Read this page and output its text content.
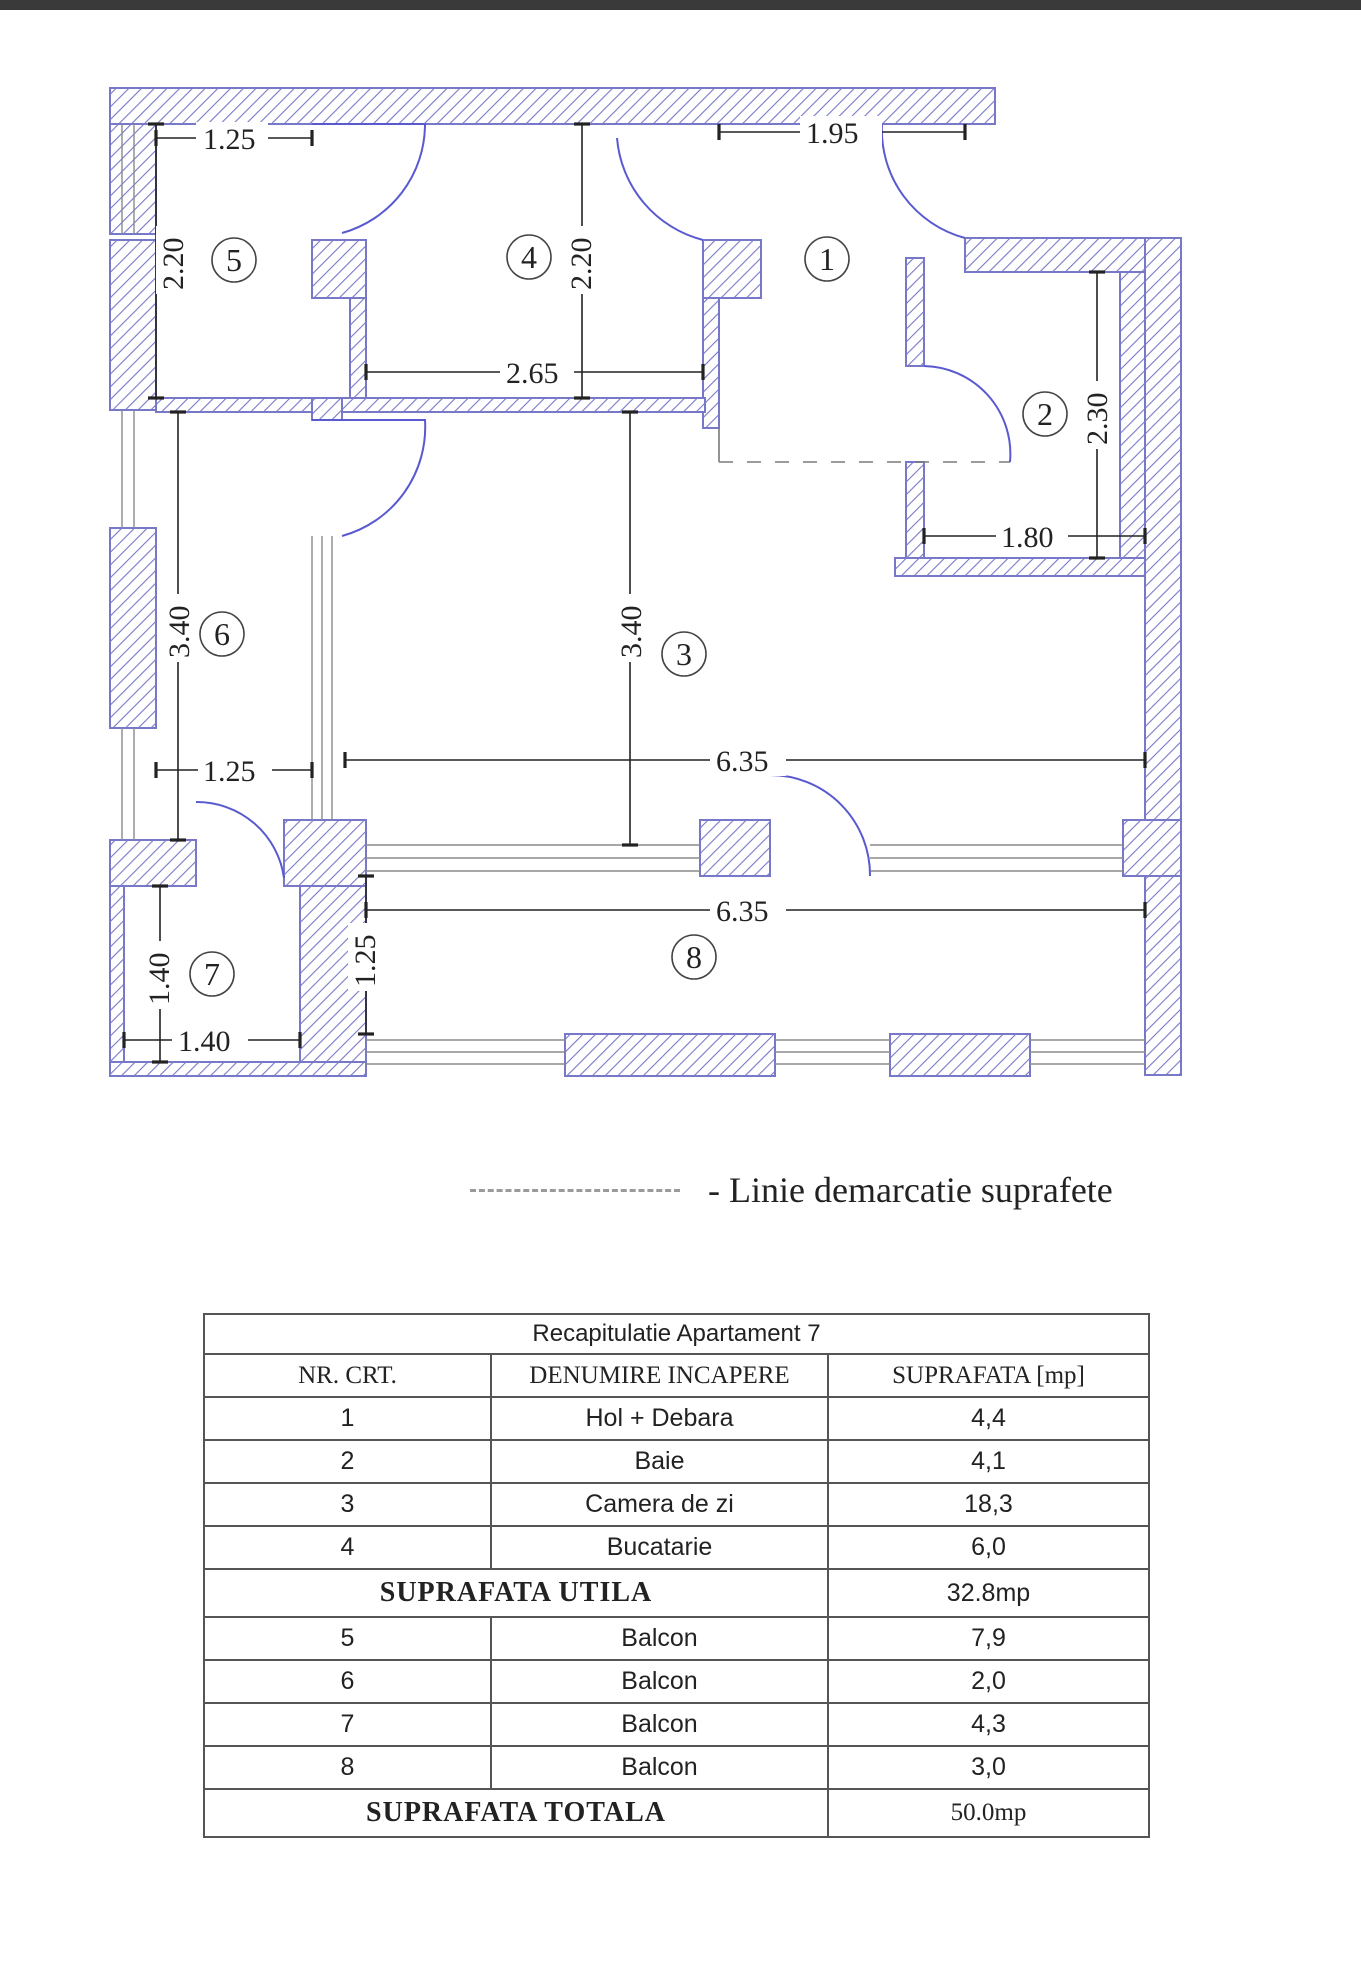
1.25	1.95
2.65
1.80
1.25	6.35
6.35
1.40
2.20	2.20
2.30
3.40	3.40
1.25
1.40
1
2
3
4
5
6
7	8
- Linie demarcatie suprafete
Recapitulatie Apartament 7		
NR. CRT.	DENUMIRE INCAPERE	SUPRAFATA [mp]
1	Hol + Debara	4,4
2	Baie	4,1
3	Camera de zi	18,3
4	Bucatarie	6,0
SUPRAFATA UTILA		32.8mp
5	Balcon	7,9
6	Balcon	2,0
7	Balcon	4,3
8	Balcon	3,0
SUPRAFATA TOTALA		50.0mp
